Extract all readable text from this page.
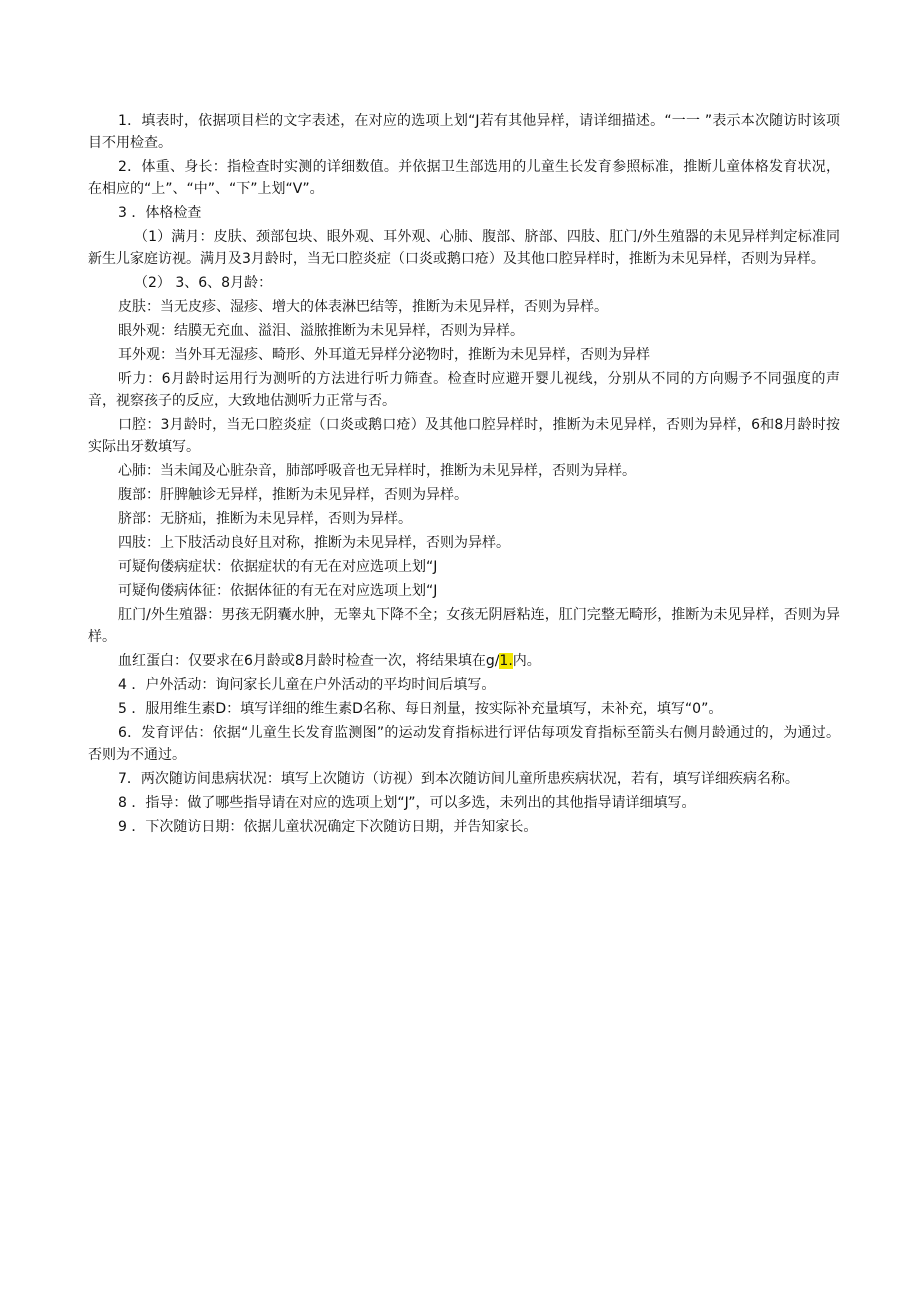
1．填表时，依据项目栏的文字表述，在对应的选项上划“J若有其他异样，请详细描述。“一一 ”表示本次随访时该项目不用检查。

2．体重、身长：指检查时实测的详细数值。并依据卫生部选用的儿童生长发育参照标准，推断儿童体格发育状况，在相应的“上”、“中”、“下”上划“V”。

3 ．体格检查

（1）满月：皮肤、颈部包块、眼外观、耳外观、心肺、腹部、脐部、四肢、肛门/外生殖器的未见异样判定标准同新生儿家庭访视。满月及3月龄时，当无口腔炎症（口炎或鹅口疮）及其他口腔异样时，推断为未见异样，否则为异样。

（2） 3、6、8月龄：

皮肤：当无皮疹、湿疹、增大的体表淋巴结等，推断为未见异样，否则为异样。

眼外观：结膜无充血、溢泪、溢脓推断为未见异样，否则为异样。

耳外观：当外耳无湿疹、畸形、外耳道无异样分泌物时，推断为未见异样，否则为异样

听力：6月龄时运用行为测听的方法进行听力筛查。检查时应避开婴儿视线，分别从不同的方向赐予不同强度的声音，视察孩子的反应，大致地估测听力正常与否。

口腔：3月龄时，当无口腔炎症（口炎或鹅口疮）及其他口腔异样时，推断为未见异样，否则为异样，6和8月龄时按实际出牙数填写。

心肺：当未闻及心脏杂音，肺部呼吸音也无异样时，推断为未见异样，否则为异样。

腹部：肝脾触诊无异样，推断为未见异样，否则为异样。

脐部：无脐疝，推断为未见异样，否则为异样。

四肢：上下肢活动良好且对称，推断为未见异样，否则为异样。

可疑佝偻病症状：依据症状的有无在对应选项上划“J

可疑佝偻病体征：依据体征的有无在对应选项上划“J

肛门/外生殖器：男孩无阴囊水肿，无睾丸下降不全；女孩无阴唇粘连，肛门完整无畸形，推断为未见异样，否则为异样。

血红蛋白：仅要求在6月龄或8月龄时检查一次，将结果填在g/1.内。

4 ．户外活动：询问家长儿童在户外活动的平均时间后填写。

5 ．服用维生素D：填写详细的维生素D名称、每日剂量，按实际补充量填写，未补充，填写“0”。

6．发育评估：依据“儿童生长发育监测图”的运动发育指标进行评估每项发育指标至箭头右侧月龄通过的，为通过。否则为不通过。

7．两次随访间患病状况：填写上次随访（访视）到本次随访间儿童所患疾病状况，若有，填写详细疾病名称。

8 ．指导：做了哪些指导请在对应的选项上划“J”，可以多选，未列出的其他指导请详细填写。

9 ．下次随访日期：依据儿童状况确定下次随访日期，并告知家长。
